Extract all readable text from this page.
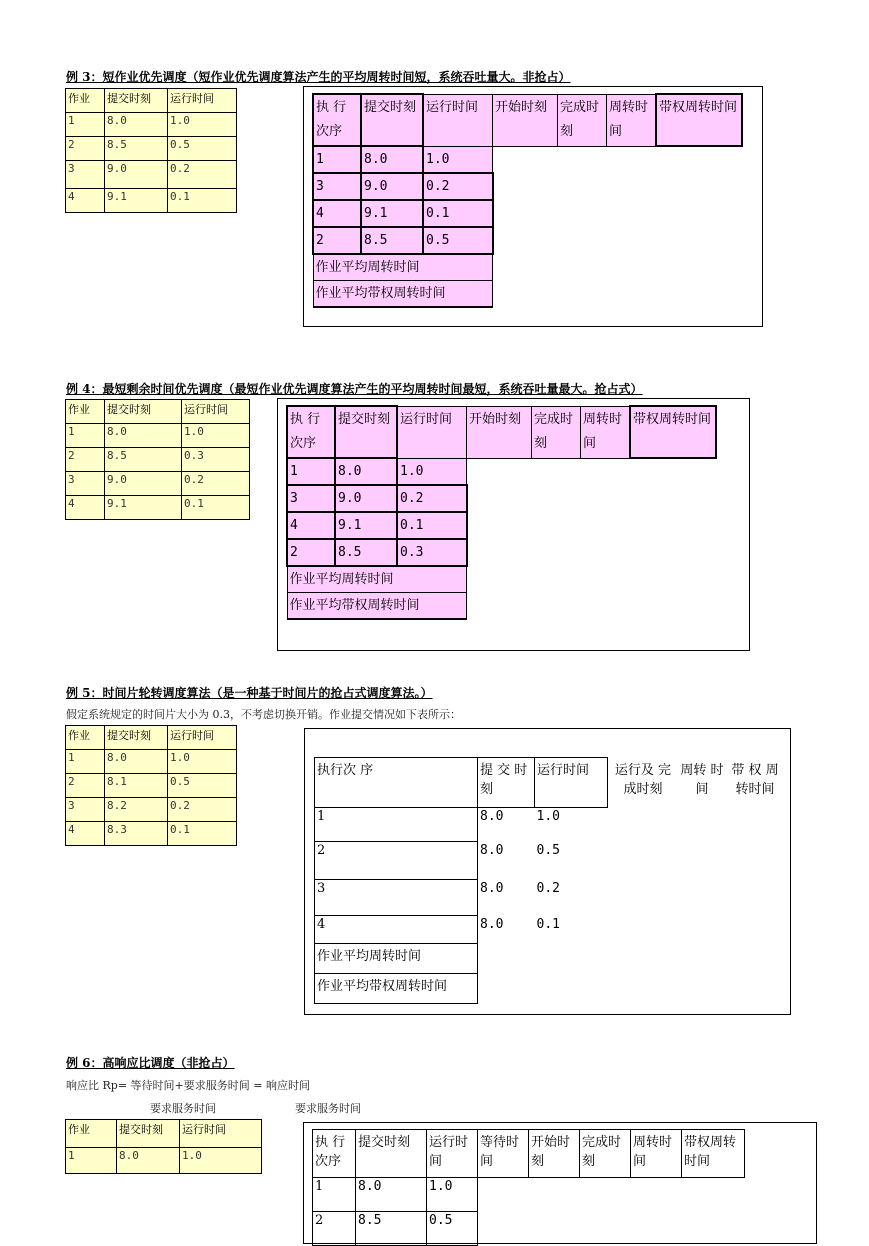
例 3：短作业优先调度（短作业优先调度算法产生的平均周转时间短，系统吞吐量大。非抢占）
作业	提交时刻	运行时间
1	8.0	1.0
2	8.5	0.5
3	9.0	0.2
4	9.1	0.1
执 行次序	提交时刻	运行时间	开始时刻	完成时刻	周转时间	带权周转时间
1	8.0	1.0				
3	9.0	0.2				
4	9.1	0.1				
2	8.5	0.5				
作业平均周转时间						
作业平均带权周转时间						
例 4：最短剩余时间优先调度（最短作业优先调度算法产生的平均周转时间最短，系统吞吐量最大。抢占式）
作业	提交时刻	运行时间
1	8.0	1.0
2	8.5	0.3
3	9.0	0.2
4	9.1	0.1
执 行次序	提交时刻	运行时间	开始时刻	完成时刻	周转时间	带权周转时间
1	8.0	1.0				
3	9.0	0.2				
4	9.1	0.1				
2	8.5	0.3				
作业平均周转时间						
作业平均带权周转时间						
例 5：时间片轮转调度算法（是一种基于时间片的抢占式调度算法。）
假定系统规定的时间片大小为 0.3，不考虑切换开销。作业提交情况如下表所示：
作业	提交时刻	运行时间
1	8.0	1.0
2	8.1	0.5
3	8.2	0.2
4	8.3	0.1
执行次 序	提 交 时刻	运行时间	运行及 完成时刻	周转 时间	带 权 周转时间
1	8.0	1.0			
2	8.0	0.5			
3	8.0	0.2			
4	8.0	0.1			
作业平均周转时间					
作业平均带权周转时间					
例 6：高响应比调度（非抢占）
响应比 Rp= 等待时间+要求服务时间 = 响应时间
要求服务时间	要求服务时间
作业	提交时刻	运行时间
1	8.0	1.0
执 行次序	提交时刻	运行时间	等待时间	开始时刻	完成时刻	周转时间	带权周转时间
1	8.0	1.0					
2	8.5	0.5					
